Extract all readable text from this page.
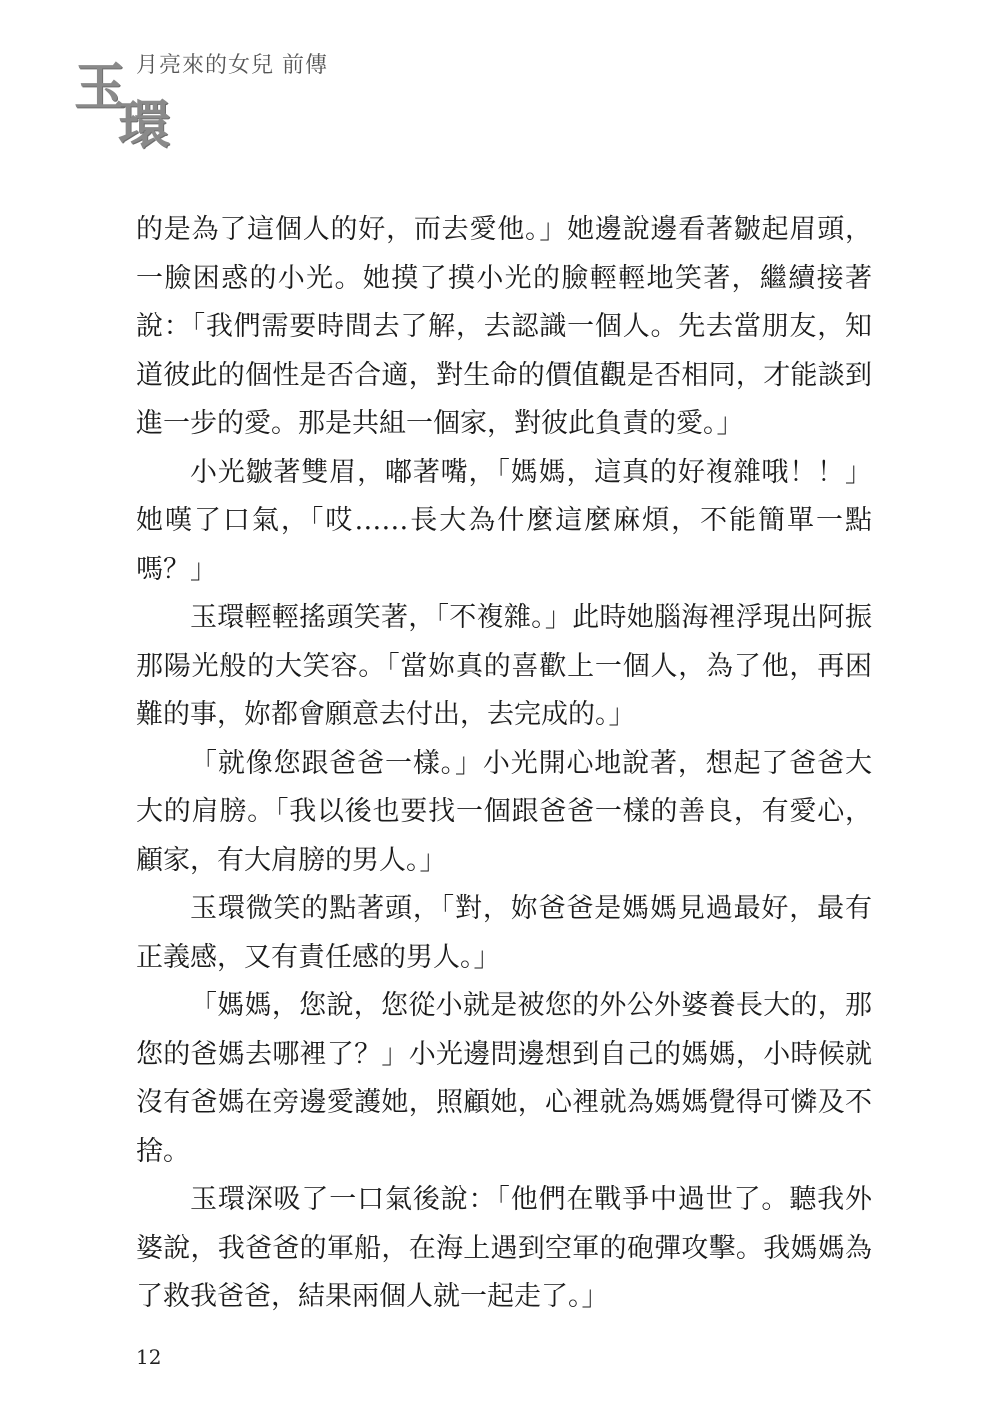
玉
環
月亮來的女兒 前傳

的是為了這個人的好，而去愛他。」她邊說邊看著皺起眉頭，一臉困惑的小光。她摸了摸小光的臉輕輕地笑著，繼續接著說：「我們需要時間去了解，去認識一個人。先去當朋友，知道彼此的個性是否合適，對生命的價值觀是否相同，才能談到進一步的愛。那是共組一個家，對彼此負責的愛。」

小光皺著雙眉，嘟著嘴，「媽媽，這真的好複雜哦！！」她嘆了口氣，「哎……長大為什麼這麼麻煩，不能簡單一點嗎？」

玉環輕輕搖頭笑著，「不複雜。」此時她腦海裡浮現出阿振那陽光般的大笑容。「當妳真的喜歡上一個人，為了他，再困難的事，妳都會願意去付出，去完成的。」

「就像您跟爸爸一樣。」小光開心地說著，想起了爸爸大大的肩膀。「我以後也要找一個跟爸爸一樣的善良，有愛心，顧家，有大肩膀的男人。」

玉環微笑的點著頭，「對，妳爸爸是媽媽見過最好，最有正義感，又有責任感的男人。」

「媽媽，您說，您從小就是被您的外公外婆養長大的，那您的爸媽去哪裡了？」小光邊問邊想到自己的媽媽，小時候就沒有爸媽在旁邊愛護她，照顧她，心裡就為媽媽覺得可憐及不捨。

玉環深吸了一口氣後說：「他們在戰爭中過世了。聽我外婆說，我爸爸的軍船，在海上遇到空軍的砲彈攻擊。我媽媽為了救我爸爸，結果兩個人就一起走了。」

12
